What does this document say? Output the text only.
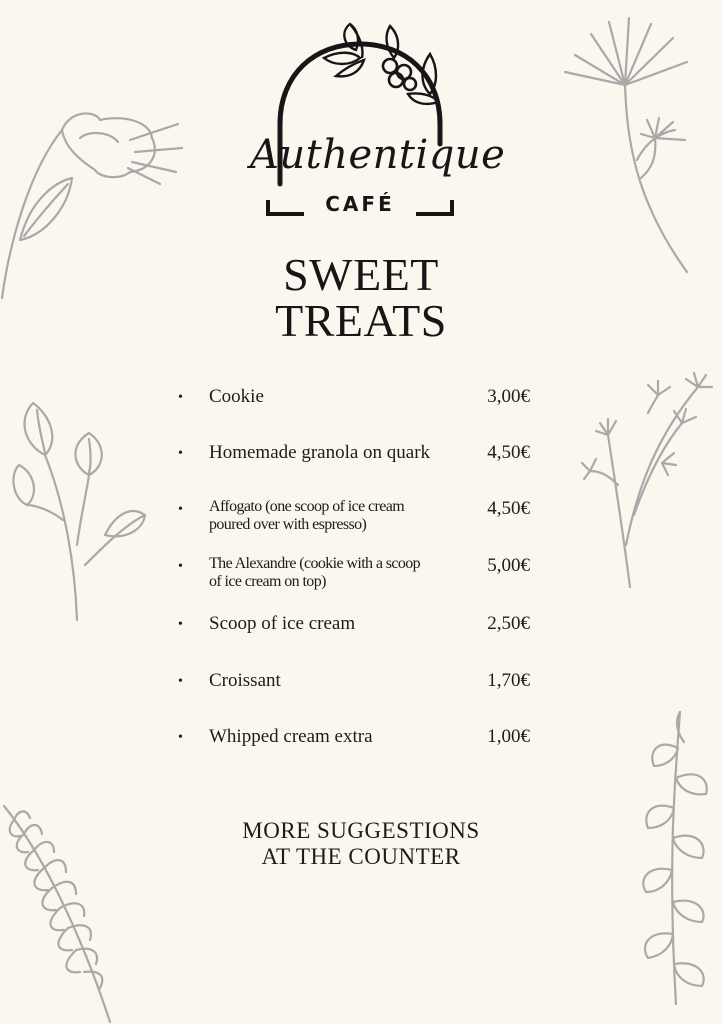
Authentique
CAFÉ
SWEET
TREATS
• Cookie	3,00€
• Homemade granola on quark	4,50€
• Affogato (one scoop of ice cream poured over with espresso)
4,50€
• The Alexandre (cookie with a scoop of ice cream on top)
5,00€
• Scoop of ice cream	2,50€
• Croissant	1,70€
• Whipped cream extra	1,00€
MORE SUGGESTIONS
AT THE COUNTER
